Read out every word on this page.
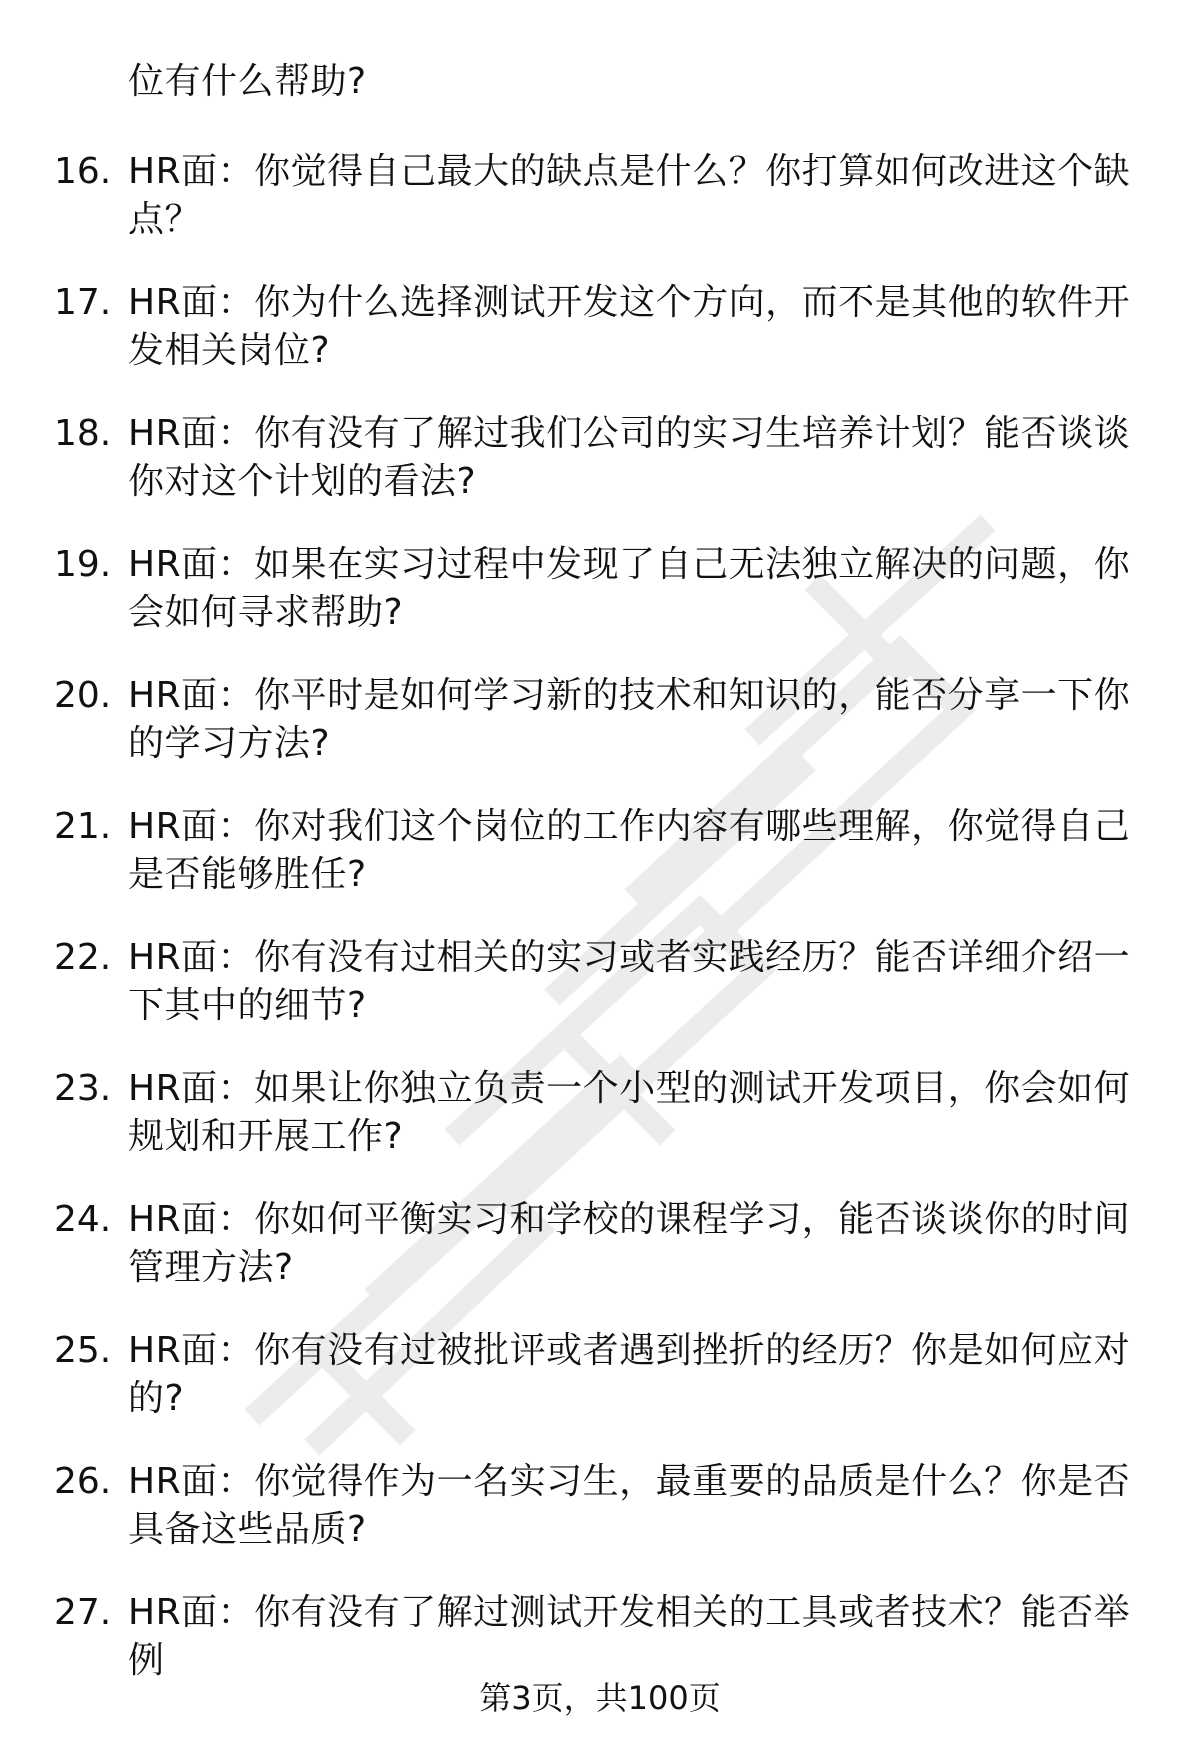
位有什么帮助?
16. HR面：你觉得自己最大的缺点是什么？你打算如何改进这个缺点？
17. HR面：你为什么选择测试开发这个方向，而不是其他的软件开发相关岗位?
18. HR面：你有没有了解过我们公司的实习生培养计划？能否谈谈你对这个计划的看法?
19. HR面：如果在实习过程中发现了自己无法独立解决的问题，你会如何寻求帮助?
20. HR面：你平时是如何学习新的技术和知识的，能否分享一下你的学习方法?
21. HR面：你对我们这个岗位的工作内容有哪些理解，你觉得自己是否能够胜任?
22. HR面：你有没有过相关的实习或者实践经历？能否详细介绍一下其中的细节?
23. HR面：如果让你独立负责一个小型的测试开发项目，你会如何规划和开展工作?
24. HR面：你如何平衡实习和学校的课程学习，能否谈谈你的时间管理方法?
25. HR面：你有没有过被批评或者遇到挫折的经历？你是如何应对的?
26. HR面：你觉得作为一名实习生，最重要的品质是什么？你是否具备这些品质?
27. HR面：你有没有了解过测试开发相关的工具或者技术？能否举例
第3页，共100页
